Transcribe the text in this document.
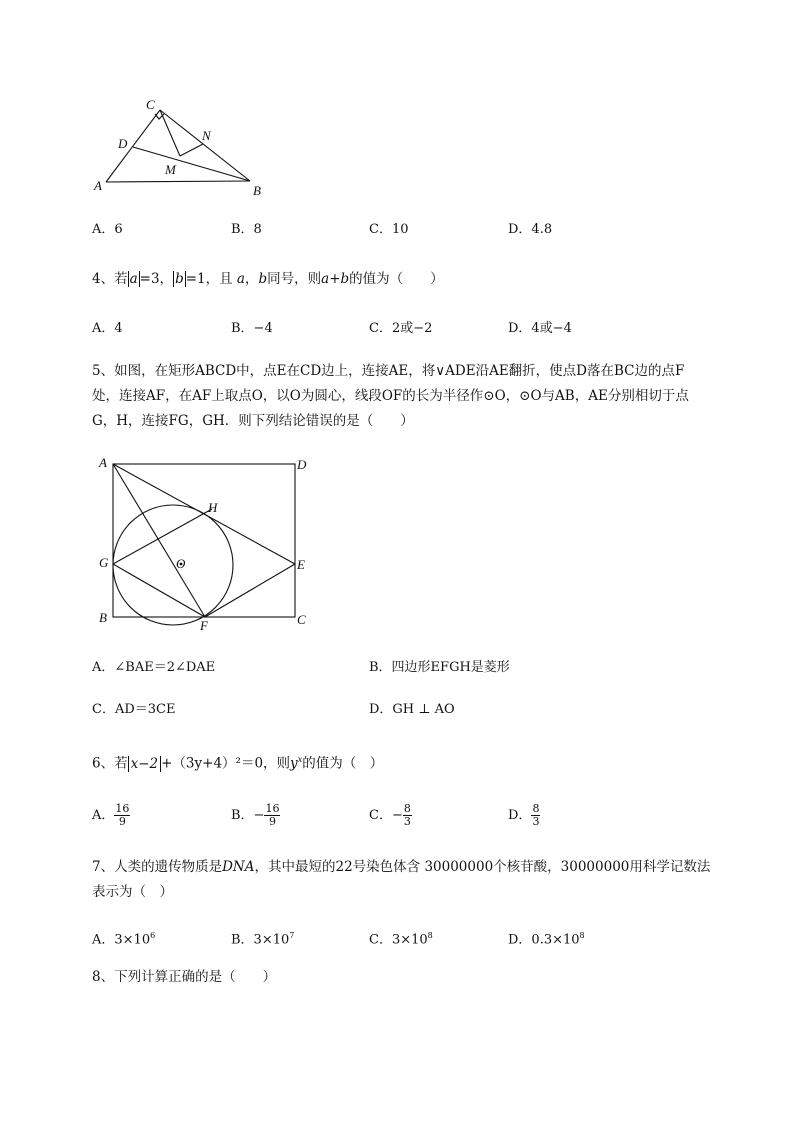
C
D
N
M
A	B
A．6	B．8	C．10	D．4.8
4、若 a =3， b =1，且 a，b同号，则a+b的值为（　　）
A．4	B．−4	C．2或−2	D．4或−4
5、如图，在矩形ABCD中，点E在CD边上，连接AE，将∨ADE沿AE翻折，使点D落在BC边的点F
处，连接AF，在AF上取点O，以O为圆心，线段OF的长为半径作⊙O，⊙O与AB，AE分别相切于点
G，H，连接FG，GH．则下列结论错误的是（　　）
A	D
H
G	O	E
B
F	C
A．∠BAE＝2∠DAE	B．四边形EFGH是菱形
C．AD＝3CE	D．GH ⊥ AO
6、若 x−2 +（3y+4）²＝0，则$y^x$的值为（　）
A． $\frac{16}{9}$	B．− $\frac{16}{9}$	C．− $\frac{8}{3}$	D． $\frac{8}{3}$
7、人类的遗传物质是DNA，其中最短的22号染色体含 30000000个核苷酸，30000000用科学记数法
表示为（　）
A．$3\times 10^6$	B．$3\times 10^7$	C．$3\times 10^8$	D．$0.3\times 10^8$
8、下列计算正确的是（　　）
